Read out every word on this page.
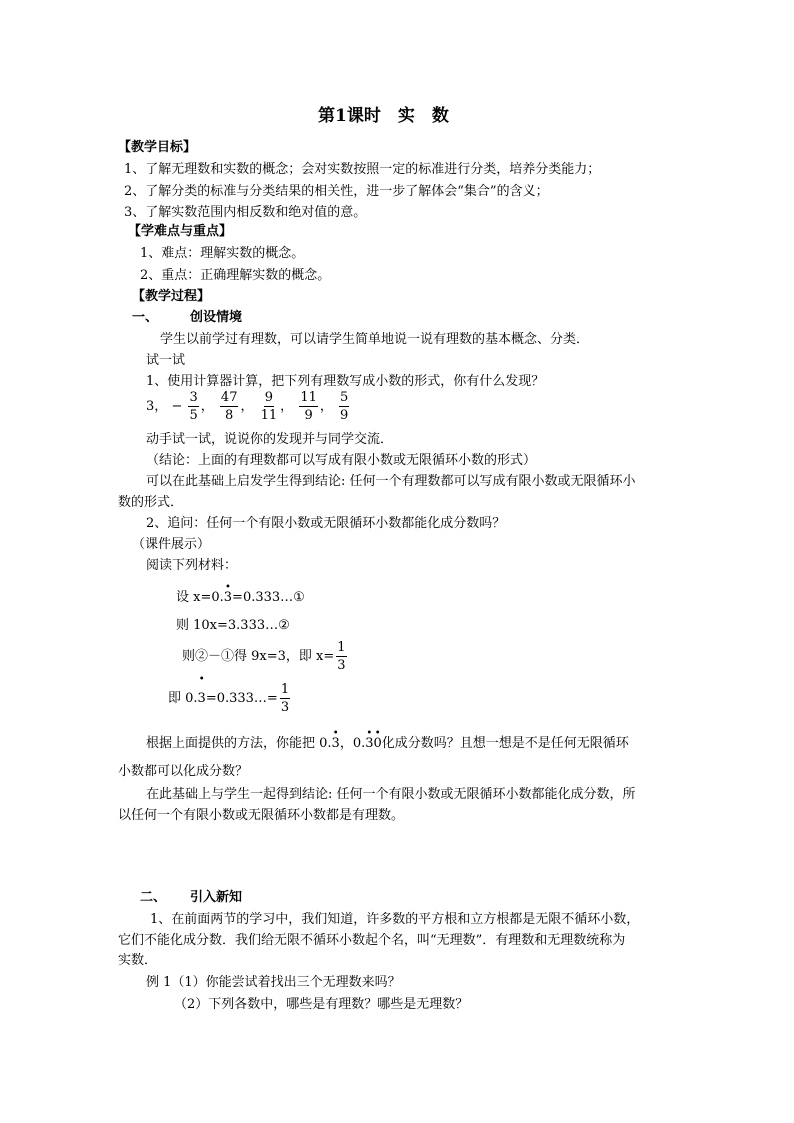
第1课时　实　数
【教学目标】
1、了解无理数和实数的概念；会对实数按照一定的标准进行分类，培养分类能力；
2、了解分类的标准与分类结果的相关性，进一步了解体会“集合”的含义；
3、了解实数范围内相反数和绝对值的意。
【学难点与重点】
1、难点：理解实数的概念。
2、重点：正确理解实数的概念。
【教学过程】
一、 创设情境
学生以前学过有理数，可以请学生简单地说一说有理数的基本概念、分类．
试一试
1、使用计算器计算，把下列有理数写成小数的形式，你有什么发现？
3， − $\frac{3}{5}$ ， $\frac{47}{8}$ ， $\frac{9}{11}$ ， $\frac{11}{9}$ ， $\frac{5}{9}$
动手试一试，说说你的发现并与同学交流．
（结论：上面的有理数都可以写成有限小数或无限循环小数的形式）
可以在此基础上启发学生得到结论: 任何一个有理数都可以写成有限小数或无限循环小
数的形式．
2、追问：任何一个有限小数或无限循环小数都能化成分数吗？
（课件展示）
阅读下列材料：
设 x=0.3
•
=0.333…①
则 10x=3.333…②
则②－①得 9x=3，即 $x= \frac{1}{3}$
即 0.3
•
=0.333…= $\frac{1}{3}$
根据上面提供的方法，你能把 0.3
•
，0.3
•
0
•
化成分数吗？且想一想是不是任何无限循环
小数都可以化成分数？
在此基础上与学生一起得到结论: 任何一个有限小数或无限循环小数都能化成分数，所
以任何一个有限小数或无限循环小数都是有理数。
二、 引入新知
1、在前面两节的学习中，我们知道，许多数的平方根和立方根都是无限不循环小数，
它们不能化成分数．我们给无限不循环小数起个名，叫“无理数”．有理数和无理数统称为
实数．
例 1（1）你能尝试着找出三个无理数来吗？
（2）下列各数中，哪些是有理数？哪些是无理数？
